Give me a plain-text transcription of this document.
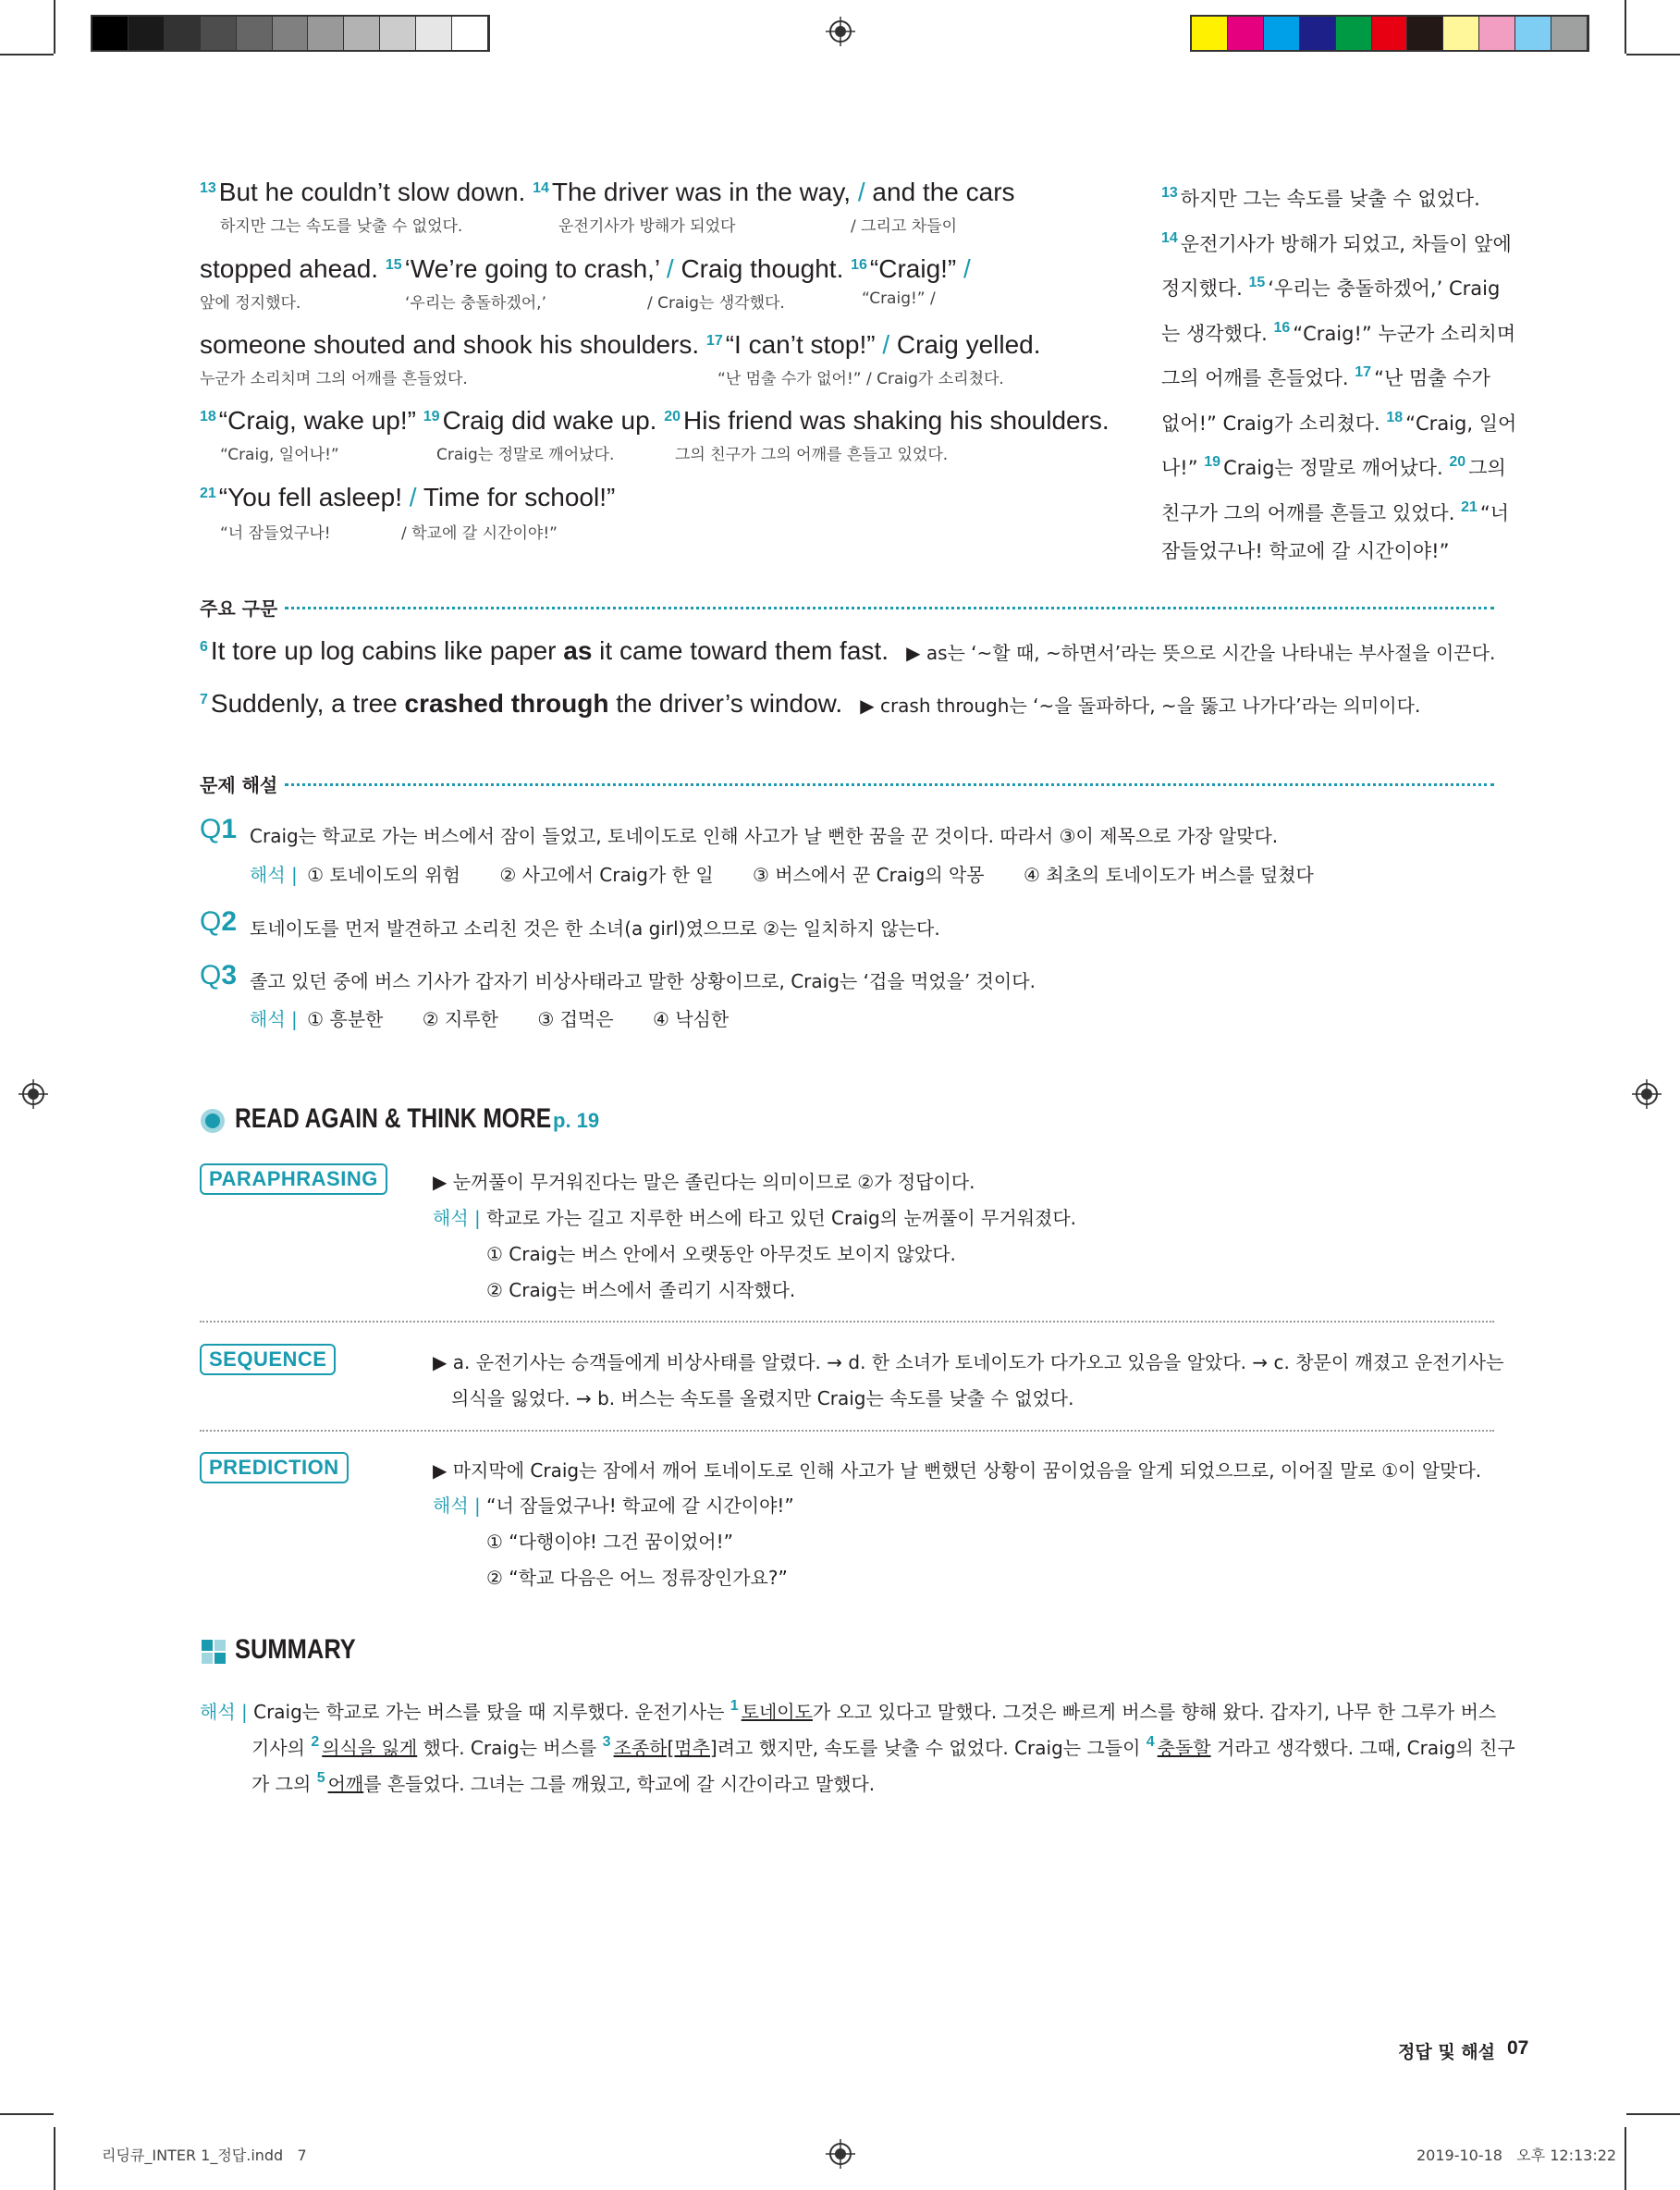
$^{13}$ But he couldn’t slow down. $^{14}$ The driver was in the way, / and the cars
하지만 그는 속도를 낮출 수 없었다.	운전기사가 방해가 되었다	/ 그리고 차들이
stopped ahead. $^{15}$ ‘We’re going to crash,’ / Craig thought. $^{16}$ “Craig!” /
앞에 정지했다.	‘우리는 충돌하겠어,’	/ Craig는 생각했다.	“Craig!” /
someone shouted and shook his shoulders. $^{17}$ “I can’t stop!” / Craig yelled.
누군가 소리치며 그의 어깨를 흔들었다.	“난 멈출 수가 없어!” / Craig가 소리쳤다.
$^{18}$ “Craig, wake up!” $^{19}$ Craig did wake up. $^{20}$ His friend was shaking his shoulders.
“Craig, 일어나!”	Craig는 정말로 깨어났다.	그의 친구가 그의 어깨를 흔들고 있었다.
$^{21}$ “You fell asleep! / Time for school!”
“너 잠들었구나!	/ 학교에 갈 시간이야!”
$^{13}$ 하지만 그는 속도를 낮출 수 없었다.
$^{14}$ 운전기사가 방해가 되었고, 차들이 앞에
정지했다. $^{15}$ ‘우리는 충돌하겠어,’ Craig
는 생각했다. $^{16}$ “Craig!” 누군가 소리치며
그의 어깨를 흔들었다. $^{17}$ “난 멈출 수가
없어!” Craig가 소리쳤다. $^{18}$ “Craig, 일어
나!” $^{19}$ Craig는 정말로 깨어났다. $^{20}$ 그의
친구가 그의 어깨를 흔들고 있었다. $^{21}$ “너
잠들었구나! 학교에 갈 시간이야!”
주요 구문
$^6$ It tore up log cabins like paper as it came toward them fast. ▶ as는 ‘~할 때, ~하면서’라는 뜻으로 시간을 나타내는 부사절을 이끈다.
$^7$ Suddenly, a tree crashed through the driver’s window. ▶ crash through는 ‘~을 돌파하다, ~을 뚫고 나가다’라는 의미이다.
문제 해설
Q1 Craig는 학교로 가는 버스에서 잠이 들었고, 토네이도로 인해 사고가 날 뻔한 꿈을 꾼 것이다. 따라서 ③이 제목으로 가장 알맞다.
해석 | ① 토네이도의 위험 ② 사고에서 Craig가 한 일 ③ 버스에서 꾼 Craig의 악몽 ④ 최초의 토네이도가 버스를 덮쳤다
Q2 토네이도를 먼저 발견하고 소리친 것은 한 소녀(a girl)였으므로 ②는 일치하지 않는다.
Q3 졸고 있던 중에 버스 기사가 갑자기 비상사태라고 말한 상황이므로, Craig는 ‘겁을 먹었을’ 것이다.
해석 | ① 흥분한 ② 지루한 ③ 겁먹은 ④ 낙심한
READ AGAIN & THINK MORE p. 19
PARAPHRASING	▶ 눈꺼풀이 무거워진다는 말은 졸린다는 의미이므로 ②가 정답이다.
해석 | 학교로 가는 길고 지루한 버스에 타고 있던 Craig의 눈꺼풀이 무거워졌다.
① Craig는 버스 안에서 오랫동안 아무것도 보이지 않았다.
② Craig는 버스에서 졸리기 시작했다.
SEQUENCE	▶ a. 운전기사는 승객들에게 비상사태를 알렸다. → d. 한 소녀가 토네이도가 다가오고 있음을 알았다. → c. 창문이 깨졌고 운전기사는
의식을 잃었다. → b. 버스는 속도를 올렸지만 Craig는 속도를 낮출 수 없었다.
PREDICTION	▶ 마지막에 Craig는 잠에서 깨어 토네이도로 인해 사고가 날 뻔했던 상황이 꿈이었음을 알게 되었으므로, 이어질 말로 ①이 알맞다.
해석 | “너 잠들었구나! 학교에 갈 시간이야!”
① “다행이야! 그건 꿈이었어!”
② “학교 다음은 어느 정류장인가요?”
SUMMARY
해석 | Craig는 학교로 가는 버스를 탔을 때 지루했다. 운전기사는 $^1$ 토네이도가 오고 있다고 말했다. 그것은 빠르게 버스를 향해 왔다. 갑자기, 나무 한 그루가 버스
기사의 $^2$ 의식을 잃게 했다. Craig는 버스를 $^3$ 조종하[멈추]려고 했지만, 속도를 낮출 수 없었다. Craig는 그들이 $^4$ 충돌할 거라고 생각했다. 그때, Craig의 친구
가 그의 $^5$ 어깨를 흔들었다. 그녀는 그를 깨웠고, 학교에 갈 시간이라고 말했다.
정답 및 해설 07
리딩큐_INTER 1_정답.indd   7	2019-10-18   오후 12:13:22
